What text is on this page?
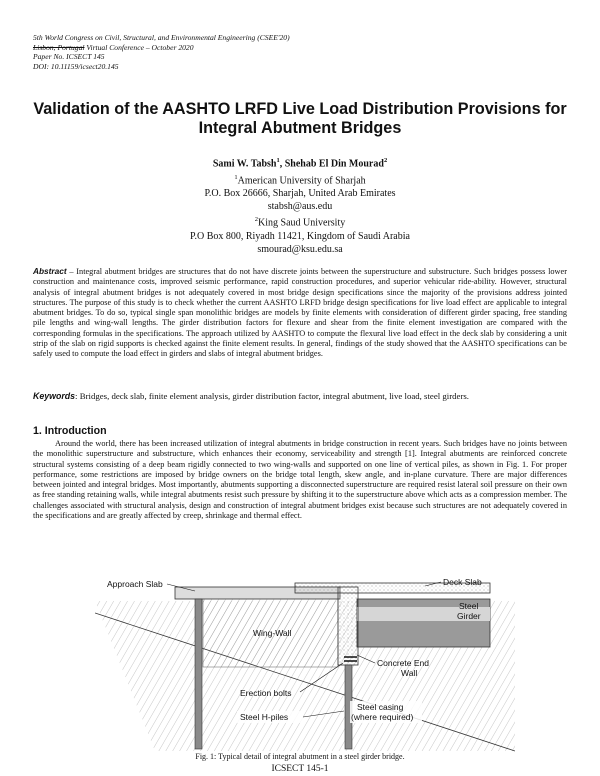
5th World Congress on Civil, Structural, and Environmental Engineering (CSEE'20)
Lisbon, Portugal Virtual Conference – October 2020
Paper No. ICSECT 145
DOI: 10.11159/icsect20.145
Validation of the AASHTO LRFD Live Load Distribution Provisions for Integral Abutment Bridges
Sami W. Tabsh$^1$, Shehab El Din Mourad$^2$
$^1$American University of Sharjah
P.O. Box 26666, Sharjah, United Arab Emirates
stabsh@aus.edu
$^2$King Saud University
P.O Box 800, Riyadh 11421, Kingdom of Saudi Arabia
smourad@ksu.edu.sa
Abstract – Integral abutment bridges are structures that do not have discrete joints between the superstructure and substructure. Such bridges possess lower construction and maintenance costs, improved seismic performance, rapid construction procedures, and superior vehicular ride-ability. However, structural analysis of integral abutment bridges is not adequately covered in most bridge design specifications since the majority of the provisions address jointed structures. The purpose of this study is to check whether the current AASHTO LRFD bridge design specifications for live load effect are applicable to integral abutment bridges. To do so, typical single span monolithic bridges are models by finite elements with consideration of different girder spacing, free standing pile lengths and wing-wall lengths. The girder distribution factors for flexure and shear from the finite element investigation are compared with the corresponding formulas in the specifications. The approach utilized by AASHTO to compute the flexural live load effect in the deck slab by considering a unit strip of the slab on rigid supports is checked against the finite element results. In general, findings of the study showed that the AASHTO specifications can be safely used to compute the load effect in girders and slabs of integral abutment bridges.
Keywords: Bridges, deck slab, finite element analysis, girder distribution factor, integral abutment, live load, steel girders.
1. Introduction
Around the world, there has been increased utilization of integral abutments in bridge construction in recent years. Such bridges have no joints between the monolithic superstructure and substructure, which enhances their economy, serviceability and strength [1]. Integral abutments are reinforced concrete structural systems consisting of a deep beam rigidly connected to two wing-walls and supported on one line of vertical piles, as shown in Fig. 1. For proper performance, some restrictions are imposed by bridge owners on the bridge total length, skew angle, and in-plane curvature. There are major differences between jointed and integral bridges. Most importantly, abutments supporting a disconnected superstructure are required resist lateral soil pressure on their own as free standing retaining walls, while integral abutments resist such pressure by shifting it to the superstructure above which acts as a compression member. The challenges associated with structural analysis, design and construction of integral abutment bridges exist because such structures are not adequately covered in the specifications and are greatly affected by creep, shrinkage and thermal effect.
Approach Slab	Deck Slab
Wing-Wall
Steel
Girder
Concrete End
Wall
Erection bolts
Steel casing
(where required)
Steel H-piles
ICSECT 145-1
Fig. 1: Typical detail of integral abutment in a steel girder bridge.
